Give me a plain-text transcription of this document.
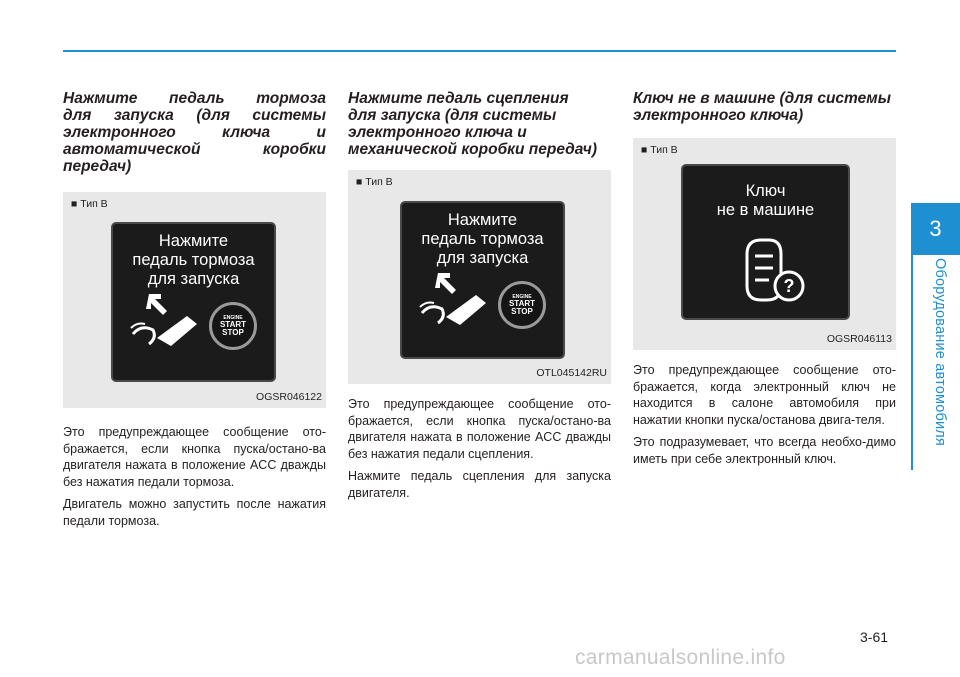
3
Оборудование автомобиля
Нажмите педаль тормоза
для запуска (для системы
электронного ключа и
автоматической коробки
передач)
■ Тип B
Нажмите
педаль тормоза
для запуска
ENGINE
START
STOP
OGSR046122

Это предупреждающее сообщение ото-бражается, если кнопка пуска/остано-ва двигателя нажата в положение ACC дважды без нажатия педали тормоза.

Двигатель можно запустить после нажатия педали тормоза.

Нажмите педаль сцепления
для запуска (для системы
электронного ключа и
механической коробки передач)
■ Тип B
Нажмите
педаль тормоза
для запуска
ENGINE
START
STOP
OTL045142RU

Это предупреждающее сообщение ото-бражается, если кнопка пуска/остано-ва двигателя нажата в положение ACC дважды без нажатия педали сцепления.

Нажмите педаль сцепления для запуска двигателя.

Ключ не в машине (для системы
электронного ключа)
■ Тип B
Ключ
не в машине
?
OGSR046113

Это предупреждающее сообщение ото-бражается, когда электронный ключ не находится в салоне автомобиля при нажатии кнопки пуска/останова двига-теля.

Это подразумевает, что всегда необхо-димо иметь при себе электронный ключ.

3-61
carmanualsonline.info
